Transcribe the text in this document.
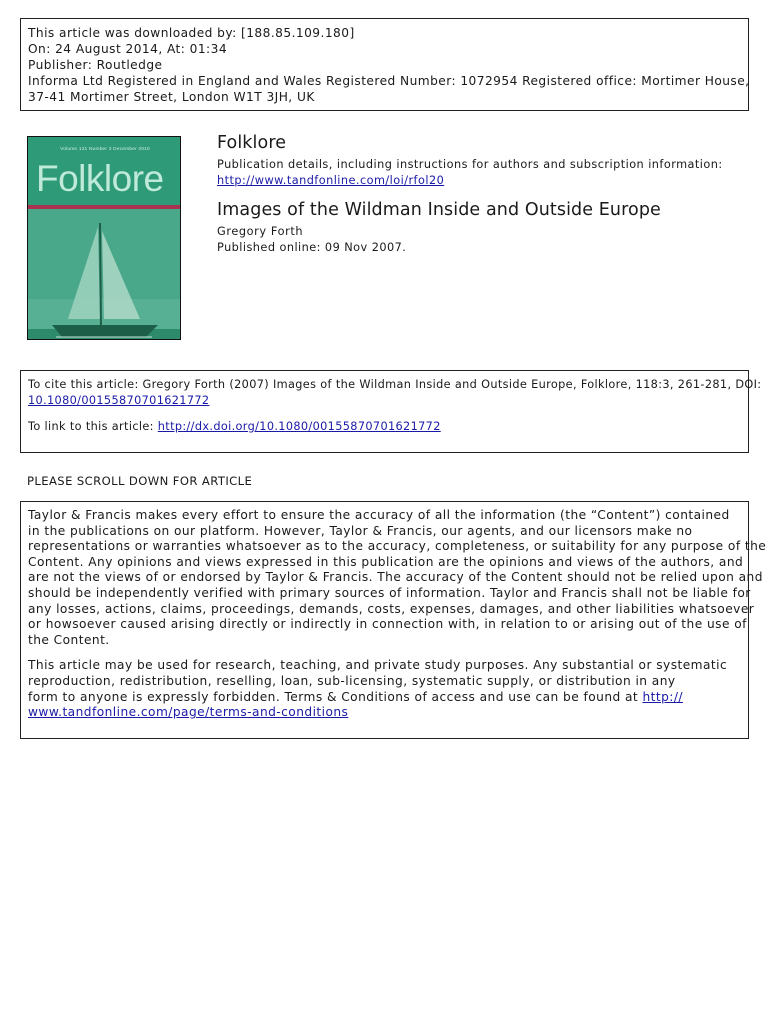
This article was downloaded by: [188.85.109.180]
On: 24 August 2014, At: 01:34
Publisher: Routledge
Informa Ltd Registered in England and Wales Registered Number: 1072954 Registered office: Mortimer House,
37-41 Mortimer Street, London W1T 3JH, UK
Volume 121 Number 3 December 2010
Folklore
Folklore
Publication details, including instructions for authors and subscription information:
http://www.tandfonline.com/loi/rfol20
Images of the Wildman Inside and Outside Europe
Gregory Forth
Published online: 09 Nov 2007.
To cite this article: Gregory Forth (2007) Images of the Wildman Inside and Outside Europe, Folklore, 118:3, 261-281, DOI:
10.1080/00155870701621772
To link to this article: http://dx.doi.org/10.1080/00155870701621772
PLEASE SCROLL DOWN FOR ARTICLE
Taylor & Francis makes every effort to ensure the accuracy of all the information (the “Content”) contained
in the publications on our platform. However, Taylor & Francis, our agents, and our licensors make no
representations or warranties whatsoever as to the accuracy, completeness, or suitability for any purpose of the
Content. Any opinions and views expressed in this publication are the opinions and views of the authors, and
are not the views of or endorsed by Taylor & Francis. The accuracy of the Content should not be relied upon and
should be independently verified with primary sources of information. Taylor and Francis shall not be liable for
any losses, actions, claims, proceedings, demands, costs, expenses, damages, and other liabilities whatsoever
or howsoever caused arising directly or indirectly in connection with, in relation to or arising out of the use of
the Content.
This article may be used for research, teaching, and private study purposes. Any substantial or systematic
reproduction, redistribution, reselling, loan, sub-licensing, systematic supply, or distribution in any
form to anyone is expressly forbidden. Terms & Conditions of access and use can be found at http://
www.tandfonline.com/page/terms-and-conditions
